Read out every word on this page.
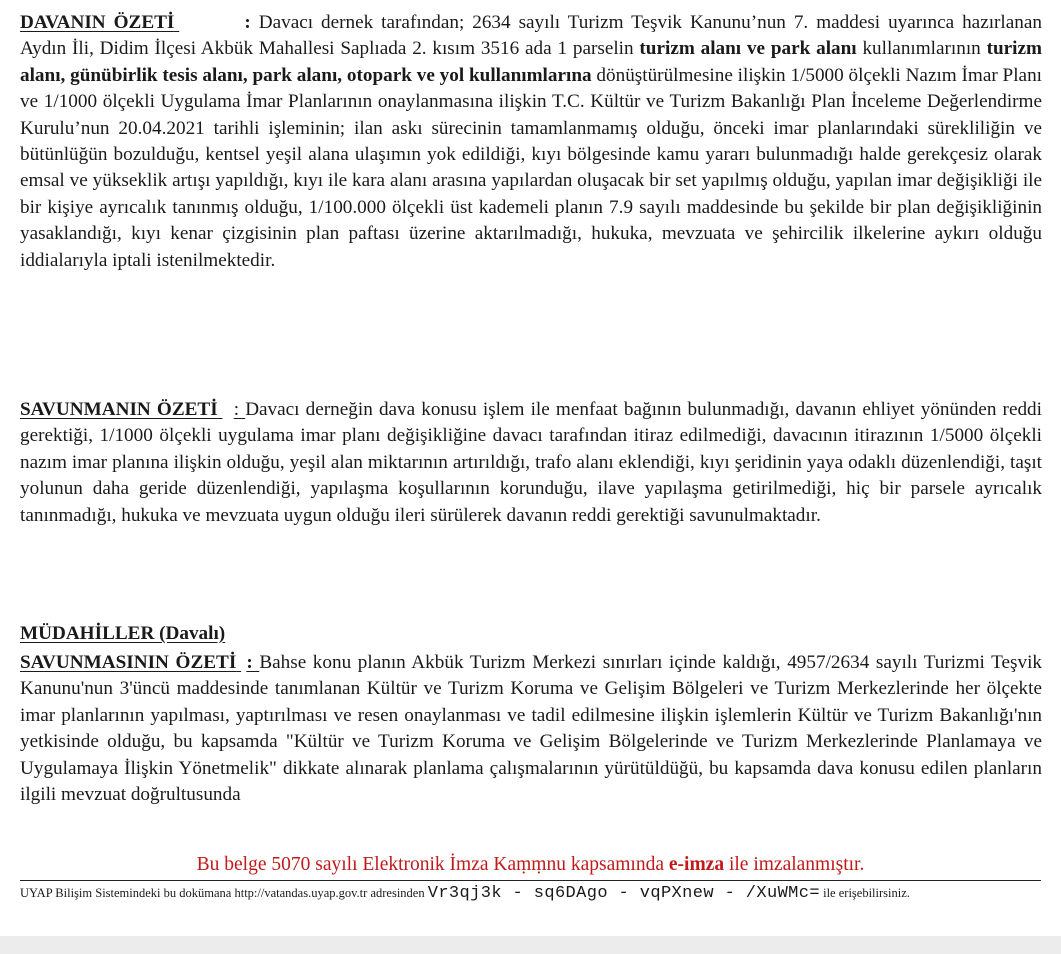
DAVANIN ÖZETİ	: Davacı dernek tarafından; 2634 sayılı Turizm Teşvik Kanunu’nun 7. maddesi uyarınca hazırlanan Aydın İli, Didim İlçesi Akbük Mahallesi Saplıada 2. kısım 3516 ada 1 parselin turizm alanı ve park alanı kullanımlarının turizm alanı, günübirlik tesis alanı, park alanı, otopark ve yol kullanımlarına dönüştürülmesine ilişkin 1/5000 ölçekli Nazım İmar Planı ve 1/1000 ölçekli Uygulama İmar Planlarının onaylanmasına ilişkin T.C. Kültür ve Turizm Bakanlığı Plan İnceleme Değerlendirme Kurulu’nun 20.04.2021 tarihli işleminin; ilan askı sürecinin tamamlanmamış olduğu, önceki imar planlarındaki sürekliliğin ve bütünlüğün bozulduğu, kentsel yeşil alana ulaşımın yok edildiği, kıyı bölgesinde kamu yararı bulunmadığı halde gerekçesiz olarak emsal ve yükseklik artışı yapıldığı, kıyı ile kara alanı arasına yapılardan oluşacak bir set yapılmış olduğu, yapılan imar değişikliği ile bir kişiye ayrıcalık tanınmış olduğu, 1/100.000 ölçekli üst kademeli planın 7.9 sayılı maddesinde bu şekilde bir plan değişikliğinin yasaklandığı, kıyı kenar çizgisinin plan paftası üzerine aktarılmadığı, hukuka, mevzuata ve şehircilik ilkelerine aykırı olduğu iddialarıyla iptali istenilmektedir.
SAVUNMANIN ÖZETİ : Davacı derneğin dava konusu işlem ile menfaat bağının bulunmadığı, davanın ehliyet yönünden reddi gerektiği, 1/1000 ölçekli uygulama imar planı değişikliğine davacı tarafından itiraz edilmediği, davacının itirazının 1/5000 ölçekli nazım imar planına ilişkin olduğu, yeşil alan miktarının artırıldığı, trafo alanı eklendiği, kıyı şeridinin yaya odaklı düzenlendiği, taşıt yolunun daha geride düzenlendiği, yapılaşma koşullarının korunduğu, ilave yapılaşma getirilmediği, hiç bir parsele ayrıcalık tanınmadığı, hukuka ve mevzuata uygun olduğu ileri sürülerek davanın reddi gerektiği savunulmaktadır.
MÜDAHİLLER (Davalı)
SAVUNMASININ ÖZETİ : Bahse konu planın Akbük Turizm Merkezi sınırları içinde kaldığı, 4957/2634 sayılı Turizmi Teşvik Kanunu'nun 3'üncü maddesinde tanımlanan Kültür ve Turizm Koruma ve Gelişim Bölgeleri ve Turizm Merkezlerinde her ölçekte imar planlarının yapılması, yaptırılması ve resen onaylanması ve tadil edilmesine ilişkin işlemlerin Kültür ve Turizm Bakanlığı'nın yetkisinde olduğu, bu kapsamda "Kültür ve Turizm Koruma ve Gelişim Bölgelerinde ve Turizm Merkezlerinde Planlamaya ve Uygulamaya İlişkin Yönetmelik" dikkate alınarak planlama çalışmalarının yürütüldüğü, bu kapsamda dava konusu edilen planların ilgili mevzuat doğrultusunda
Bu belge 5070 sayılı Elektronik İmza Kaṃṃnu kapsamında e-imza ile imzalanmıştır.
UYAP Bilişim Sistemindeki bu dokümana http://vatandas.uyap.gov.tr adresinden Vr3qj3k - sq6DAgo - vqPXnew - /XuWMc= ile erişebilirsiniz.
